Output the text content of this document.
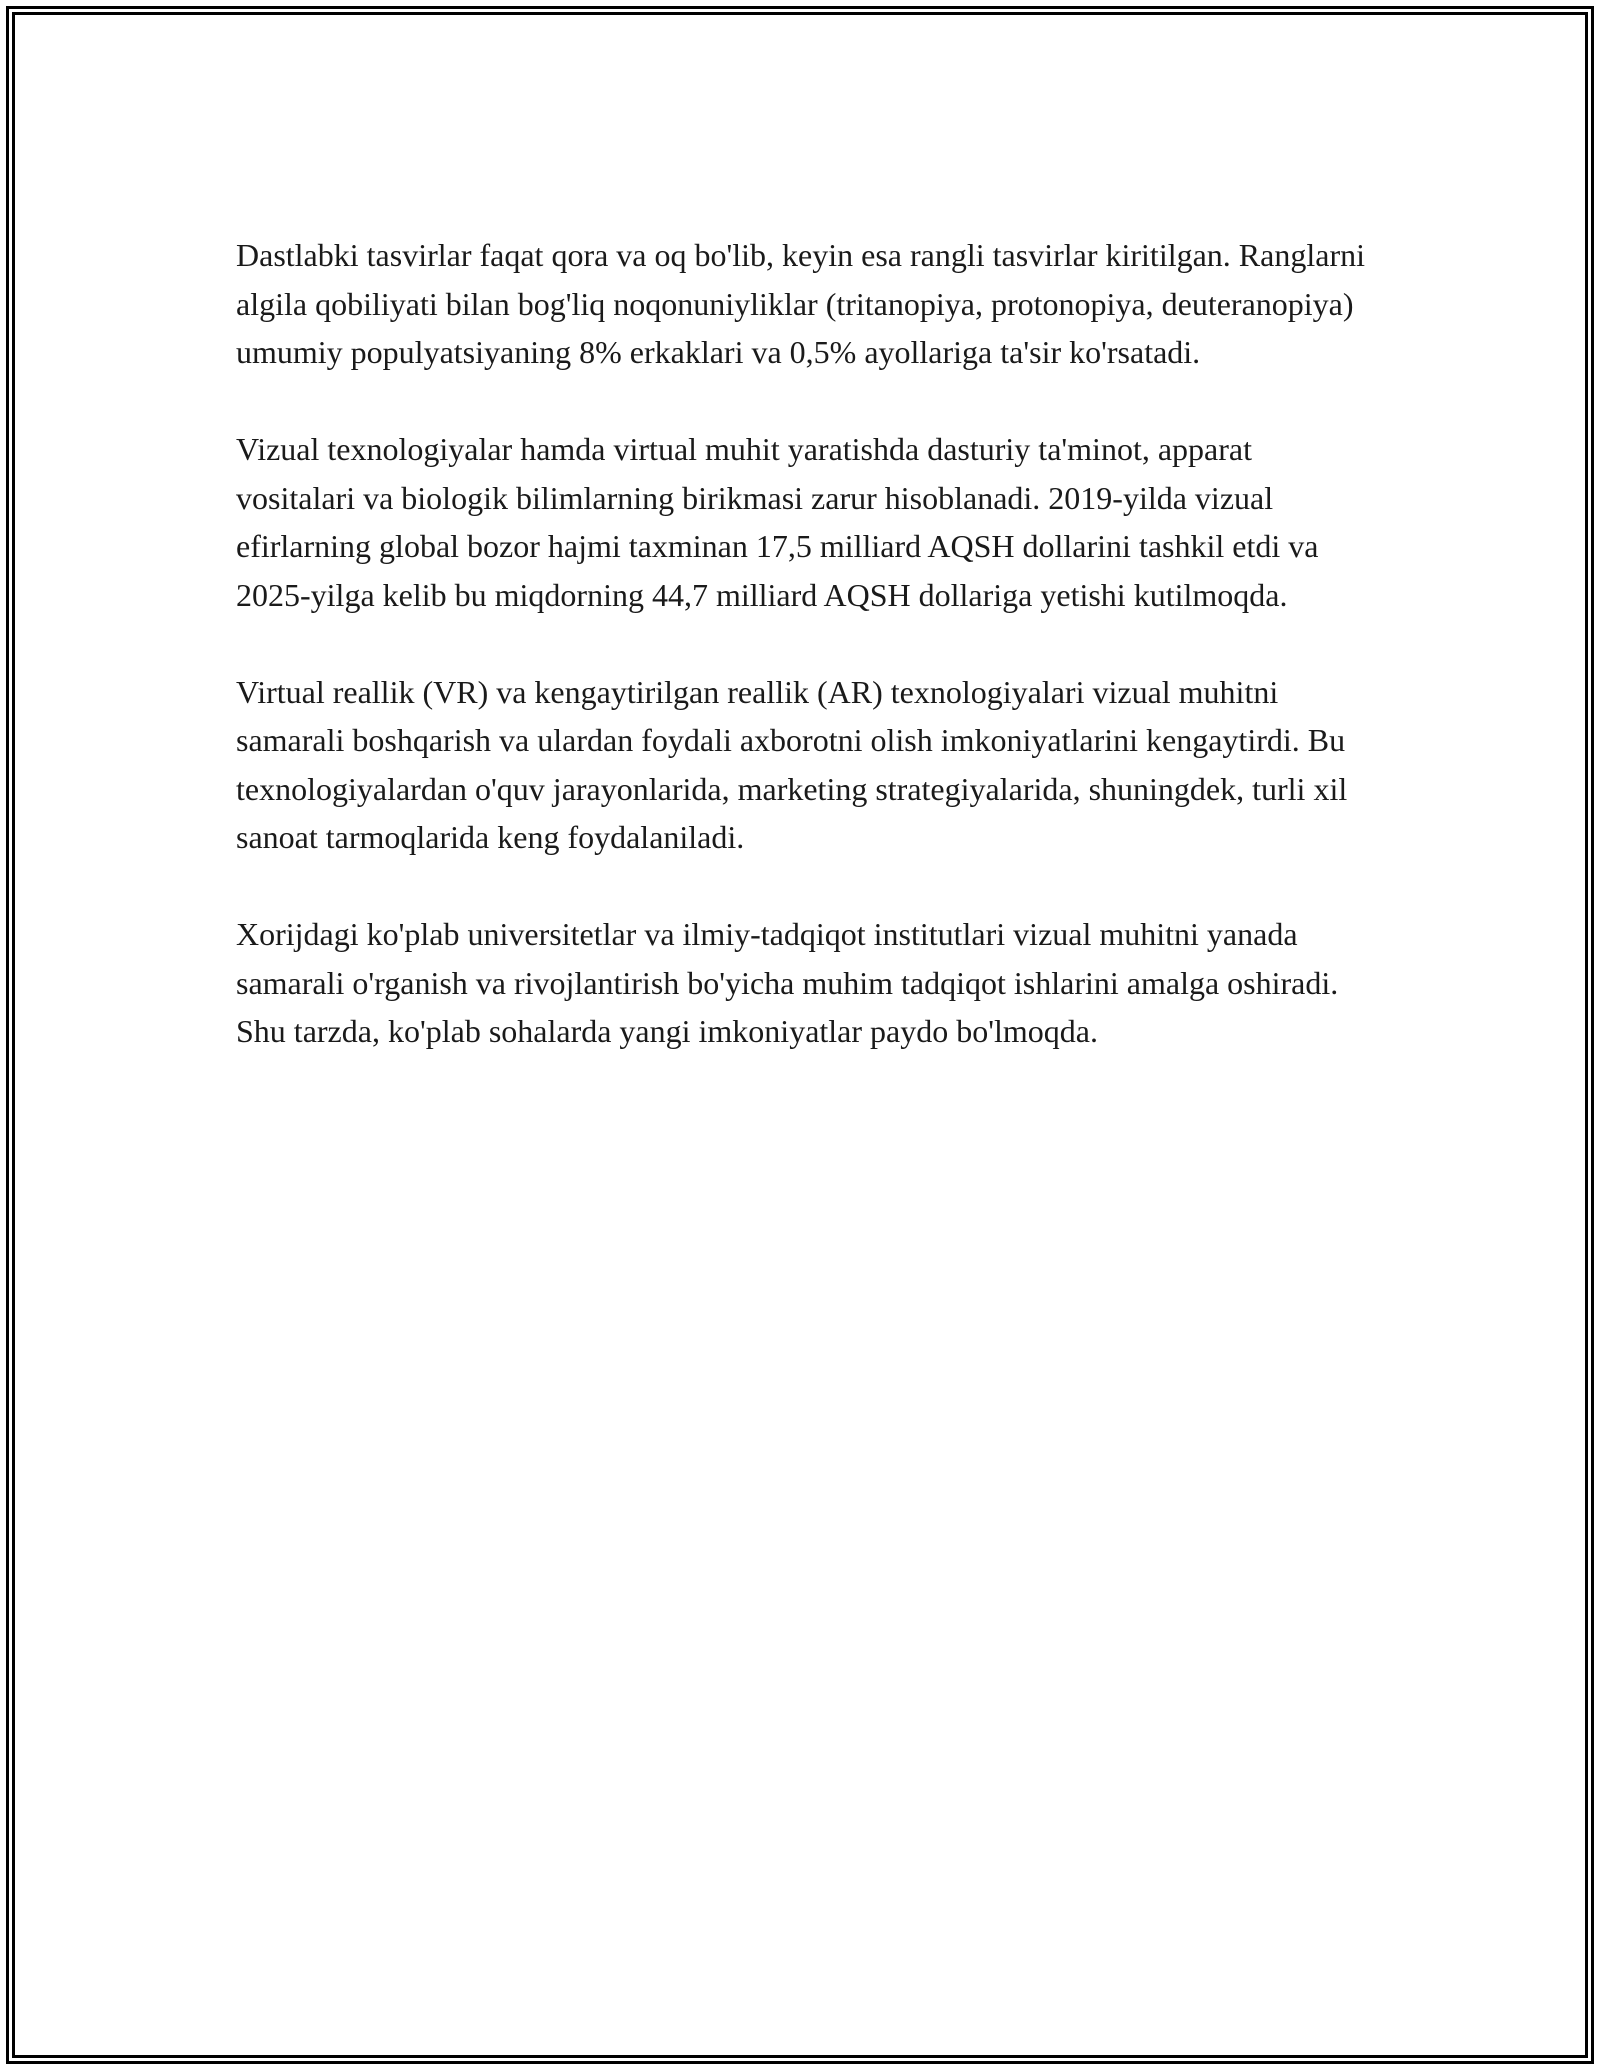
Dastlabki tasvirlar faqat qora va oq bo'lib, keyin esa rangli tasvirlar kiritilgan. Ranglarni algila qobiliyati bilan bog'liq noqonuniyliklar (tritanopiya, protonopiya, deuteranopiya) umumiy populyatsiyaning 8% erkaklari va 0,5% ayollariga ta'sir ko'rsatadi.

Vizual texnologiyalar hamda virtual muhit yaratishda dasturiy ta'minot, apparat vositalari va biologik bilimlarning birikmasi zarur hisoblanadi. 2019-yilda vizual efirlarning global bozor hajmi taxminan 17,5 milliard AQSH dollarini tashkil etdi va 2025-yilga kelib bu miqdorning 44,7 milliard AQSH dollariga yetishi kutilmoqda.

Virtual reallik (VR) va kengaytirilgan reallik (AR) texnologiyalari vizual muhitni samarali boshqarish va ulardan foydali axborotni olish imkoniyatlarini kengaytirdi. Bu texnologiyalardan o'quv jarayonlarida, marketing strategiyalarida, shuningdek, turli xil sanoat tarmoqlarida keng foydalaniladi.

Xorijdagi ko'plab universitetlar va ilmiy-tadqiqot institutlari vizual muhitni yanada samarali o'rganish va rivojlantirish bo'yicha muhim tadqiqot ishlarini amalga oshiradi. Shu tarzda, ko'plab sohalarda yangi imkoniyatlar paydo bo'lmoqda.
